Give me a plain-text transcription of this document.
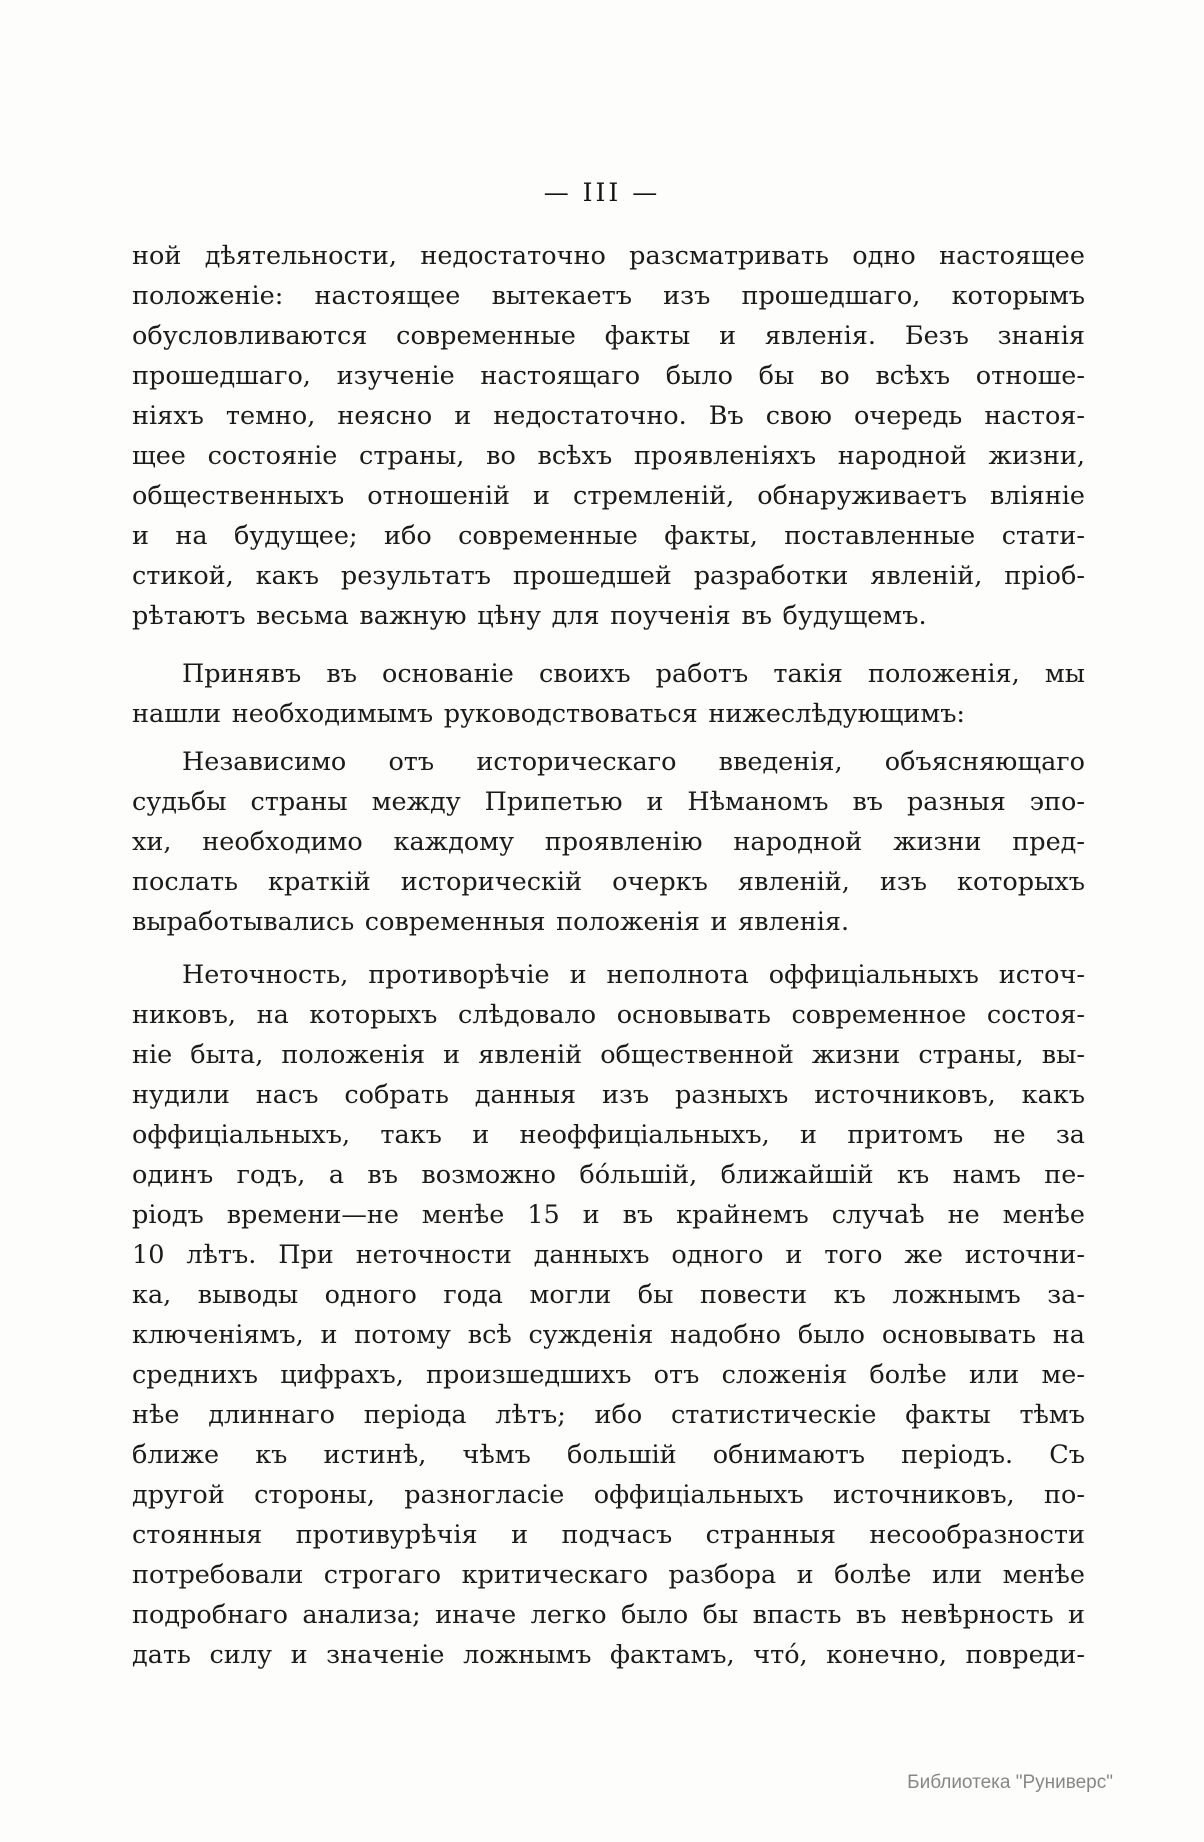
— III —
ной дѣятельности, недостаточно разсматривать одно настоящее
положеніе: настоящее вытекаетъ изъ прошедшаго, которымъ
обусловливаются современные факты и явленія. Безъ знанія
прошедшаго, изученіе настоящаго было бы во всѣхъ отноше-
ніяхъ темно, неясно и недостаточно. Въ свою очередь настоя-
щее состояніе страны, во всѣхъ проявленіяхъ народной жизни,
общественныхъ отношеній и стремленій, обнаруживаетъ вліяніе
и на будущее; ибо современные факты, поставленные стати-
стикой, какъ результатъ прошедшей разработки явленій, пріоб-
рѣтаютъ весьма важную цѣну для поученія въ будущемъ.
Принявъ въ основаніе своихъ работъ такія положенія, мы
нашли необходимымъ руководствоваться нижеслѣдующимъ:
Независимо отъ историческаго введенія, объясняющаго
судьбы страны между Припетью и Нѣманомъ въ разныя эпо-
хи, необходимо каждому проявленію народной жизни пред-
послать краткій историческій очеркъ явленій, изъ которыхъ
выработывались современныя положенія и явленія.
Неточность, противорѣчіе и неполнота оффиціальныхъ источ-
никовъ, на которыхъ слѣдовало основывать современное состоя-
ніе быта, положенія и явленій общественной жизни страны, вы-
нудили насъ собрать данныя изъ разныхъ источниковъ, какъ
оффиціальныхъ, такъ и неоффиціальныхъ, и притомъ не за
одинъ годъ, а въ возможно бо́льшій, ближайшій къ намъ пе-
ріодъ времени—не менѣе 15 и въ крайнемъ случаѣ не менѣе
10 лѣтъ. При неточности данныхъ одного и того же источни-
ка, выводы одного года могли бы повести къ ложнымъ за-
ключеніямъ, и потому всѣ сужденія надобно было основывать на
среднихъ цифрахъ, произшедшихъ отъ сложенія болѣе или ме-
нѣе длиннаго періода лѣтъ; ибо статистическіе факты тѣмъ
ближе къ истинѣ, чѣмъ большій обнимаютъ періодъ. Съ
другой стороны, разногласіе оффиціальныхъ источниковъ, по-
стоянныя противурѣчія и подчасъ странныя несообразности
потребовали строгаго критическаго разбора и болѣе или менѣе
подробнаго анализа; иначе легко было бы впасть въ невѣрность и
дать силу и значеніе ложнымъ фактамъ, что́, конечно, повреди-
Библиотека "Руниверс"
